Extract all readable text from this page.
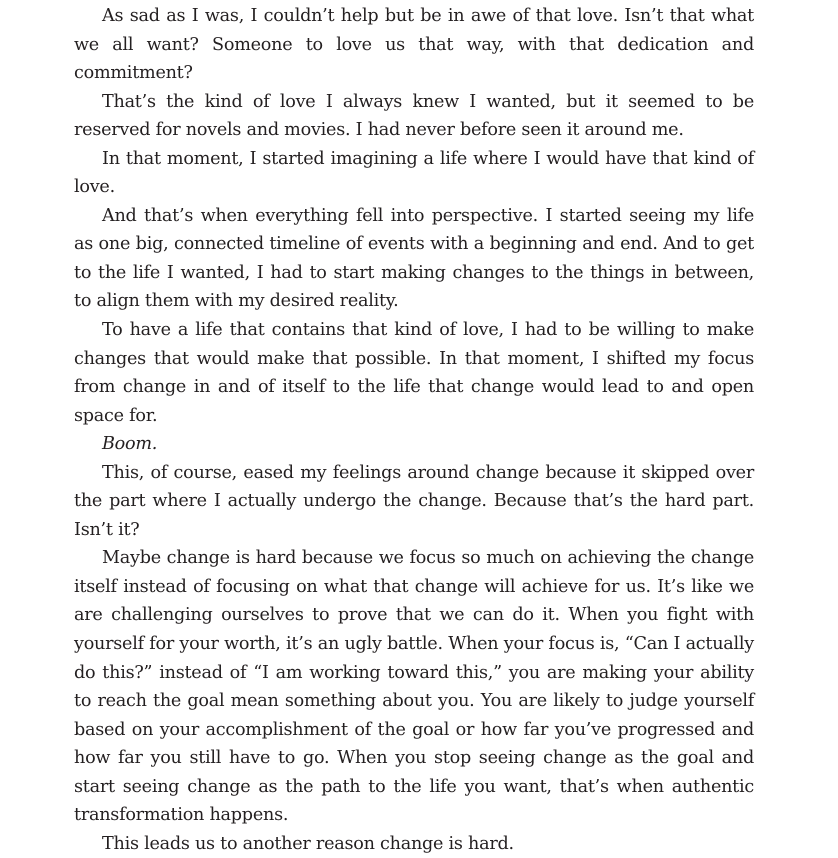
As sad as I was, I couldn’t help but be in awe of that love. Isn’t that what we all want? Someone to love us that way, with that dedication and commitment?

That’s the kind of love I always knew I wanted, but it seemed to be reserved for novels and movies. I had never before seen it around me.

In that moment, I started imagining a life where I would have that kind of love.

And that’s when everything fell into perspective. I started seeing my life as one big, connected timeline of events with a beginning and end. And to get to the life I wanted, I had to start making changes to the things in between, to align them with my desired reality.

To have a life that contains that kind of love, I had to be willing to make changes that would make that possible. In that moment, I shifted my focus from change in and of itself to the life that change would lead to and open space for.

Boom.

This, of course, eased my feelings around change because it skipped over the part where I actually undergo the change. Because that’s the hard part. Isn’t it?

Maybe change is hard because we focus so much on achieving the change itself instead of focusing on what that change will achieve for us. It’s like we are challenging ourselves to prove that we can do it. When you fight with yourself for your worth, it’s an ugly battle. When your focus is, “Can I actually do this?” instead of “I am working toward this,” you are making your ability to reach the goal mean something about you. You are likely to judge yourself based on your accomplishment of the goal or how far you’ve progressed and how far you still have to go. When you stop seeing change as the goal and start seeing change as the path to the life you want, that’s when authentic transformation happens.

This leads us to another reason change is hard.
